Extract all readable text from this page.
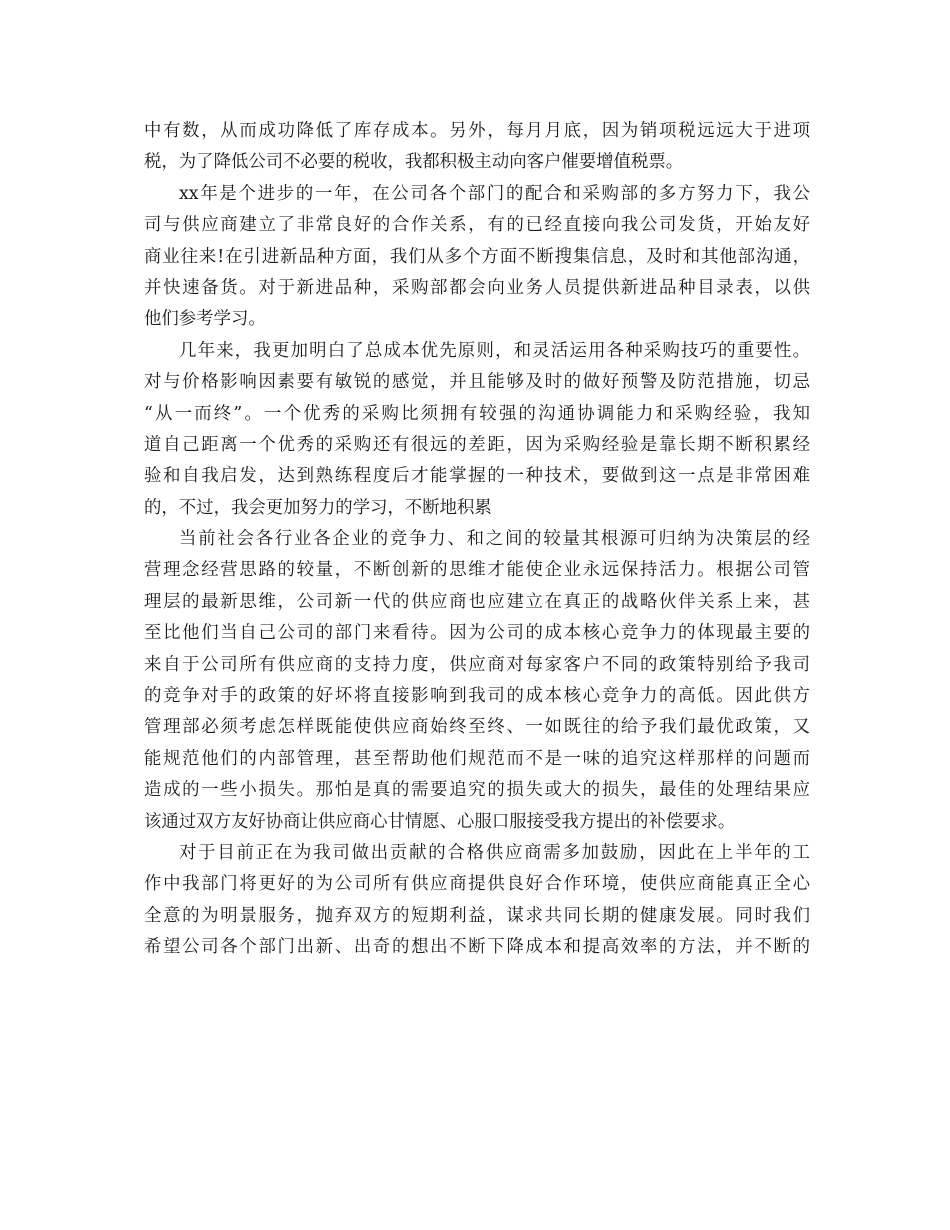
中有数，从而成功降低了库存成本。另外，每月月底，因为销项税远远大于进项
税，为了降低公司不必要的税收，我都积极主动向客户催要增值税票。
xx年是个进步的一年，在公司各个部门的配合和采购部的多方努力下，我公
司与供应商建立了非常良好的合作关系，有的已经直接向我公司发货，开始友好
商业往来!在引进新品种方面，我们从多个方面不断搜集信息，及时和其他部沟通，
并快速备货。对于新进品种，采购部都会向业务人员提供新进品种目录表，以供
他们参考学习。
几年来，我更加明白了总成本优先原则，和灵活运用各种采购技巧的重要性。
对与价格影响因素要有敏锐的感觉，并且能够及时的做好预警及防范措施，切忌
“从一而终”。一个优秀的采购比须拥有较强的沟通协调能力和采购经验，我知
道自己距离一个优秀的采购还有很远的差距，因为采购经验是靠长期不断积累经
验和自我启发，达到熟练程度后才能掌握的一种技术，要做到这一点是非常困难
的，不过，我会更加努力的学习，不断地积累
当前社会各行业各企业的竞争力、和之间的较量其根源可归纳为决策层的经
营理念经营思路的较量，不断创新的思维才能使企业永远保持活力。根据公司管
理层的最新思维，公司新一代的供应商也应建立在真正的战略伙伴关系上来，甚
至比他们当自己公司的部门来看待。因为公司的成本核心竞争力的体现最主要的
来自于公司所有供应商的支持力度，供应商对每家客户不同的政策特别给予我司
的竞争对手的政策的好坏将直接影响到我司的成本核心竞争力的高低。因此供方
管理部必须考虑怎样既能使供应商始终至终、一如既往的给予我们最优政策，又
能规范他们的内部管理，甚至帮助他们规范而不是一味的追究这样那样的问题而
造成的一些小损失。那怕是真的需要追究的损失或大的损失，最佳的处理结果应
该通过双方友好协商让供应商心甘情愿、心服口服接受我方提出的补偿要求。
对于目前正在为我司做出贡献的合格供应商需多加鼓励，因此在上半年的工
作中我部门将更好的为公司所有供应商提供良好合作环境，使供应商能真正全心
全意的为明景服务，抛弃双方的短期利益，谋求共同长期的健康发展。同时我们
希望公司各个部门出新、出奇的想出不断下降成本和提高效率的方法，并不断的
